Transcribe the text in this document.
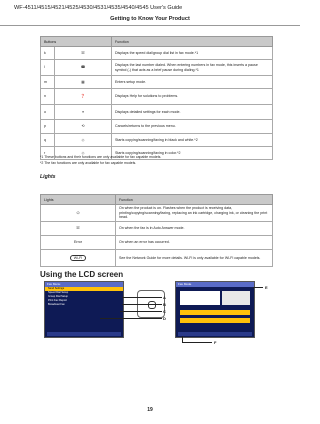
WF-4511/4515/4521/4525/4530/4531/4535/4540/4545 User's Guide
Getting to Know Your Product
Buttons		Function
k	☏	Displays the speed dial/group dial list in fax mode.*1
l	☎	Displays the last number dialed. When entering numbers in fax mode, this inserts a pause symbol (-) that acts as a brief pause during dialing.*1
m	▦	Enters setup mode.
n	❓	Displays Help for solutions to problems.
o	≡	Displays detailed settings for each mode.
p	⟲	Cancels/returns to the previous menu.
q	◇	Starts copying/scanning/faxing in black and white.*2
r	◇	Starts copying/scanning/faxing in color.*2
*1 These buttons and their functions are only available for fax capable models.
*2 The fax functions are only available for fax capable models.
Lights
Lights	Function
⏻	On when the product is on. Flashes when the product is receiving data, printing/copying/scanning/faxing, replacing an ink cartridge, charging ink, or cleaning the print head.
☏	On when the fax is in Auto Answer mode.
Error	On when an error has occurred.
Wi-Fi	See the Network Guide for more details. Wi-Fi is only available for Wi-Fi capable models.
Using the LCD screen
Fax Menu
Send Settings
Speed Dial Setup
Group Dial Setup
Print Fax Report
Broadcast Fax
Fax Mode
A
B
C
D
E
F
19
